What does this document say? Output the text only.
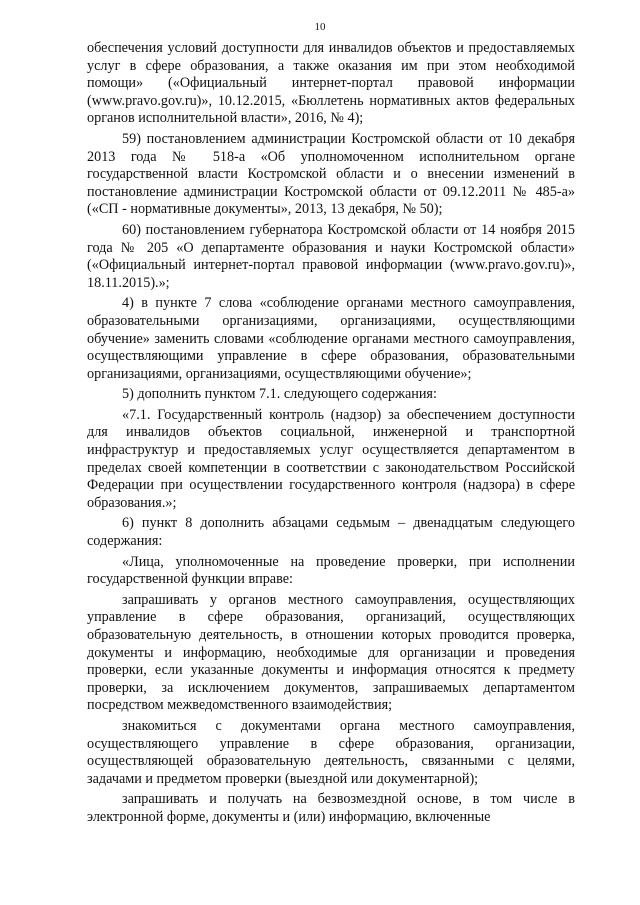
10

обеспечения условий доступности для инвалидов объектов и предоставляемых услуг в сфере образования, а также оказания им при этом необходимой помощи» («Официальный интернет-портал правовой информации (www.pravo.gov.ru)», 10.12.2015, «Бюллетень нормативных актов федеральных органов исполнительной власти», 2016, № 4);

59) постановлением администрации Костромской области от 10 декабря 2013 года № 518-а «Об уполномоченном исполнительном органе государственной власти Костромской области и о внесении изменений в постановление администрации Костромской области от 09.12.2011 № 485-а» («СП - нормативные документы», 2013, 13 декабря, № 50);

60) постановлением губернатора Костромской области от 14 ноября 2015 года № 205 «О департаменте образования и науки Костромской области» («Официальный интернет-портал правовой информации (www.pravo.gov.ru)», 18.11.2015).»;

4) в пункте 7 слова «соблюдение органами местного самоуправления, образовательными организациями, организациями, осуществляющими обучение» заменить словами «соблюдение органами местного самоуправления, осуществляющими управление в сфере образования, образовательными организациями, организациями, осуществляющими обучение»;

5) дополнить пунктом 7.1. следующего содержания:

«7.1. Государственный контроль (надзор) за обеспечением доступности для инвалидов объектов социальной, инженерной и транспортной инфраструктур и предоставляемых услуг осуществляется департаментом в пределах своей компетенции в соответствии с законодательством Российской Федерации при осуществлении государственного контроля (надзора) в сфере образования.»;

6) пункт 8 дополнить абзацами седьмым – двенадцатым следующего содержания:

«Лица, уполномоченные на проведение проверки, при исполнении государственной функции вправе:

запрашивать у органов местного самоуправления, осуществляющих управление в сфере образования, организаций, осуществляющих образовательную деятельность, в отношении которых проводится проверка, документы и информацию, необходимые для организации и проведения проверки, если указанные документы и информация относятся к предмету проверки, за исключением документов, запрашиваемых департаментом посредством межведомственного взаимодействия;

знакомиться с документами органа местного самоуправления, осуществляющего управление в сфере образования, организации, осуществляющей образовательную деятельность, связанными с целями, задачами и предметом проверки (выездной или документарной);

запрашивать и получать на безвозмездной основе, в том числе в электронной форме, документы и (или) информацию, включенные
